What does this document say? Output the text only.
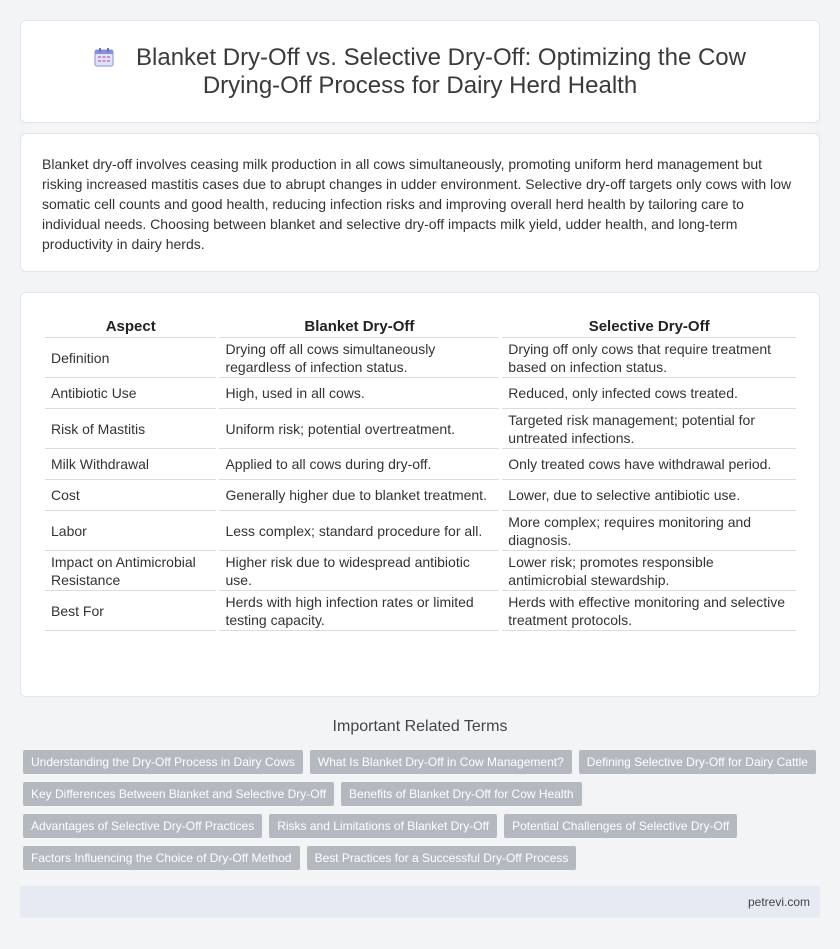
Blanket Dry-Off vs. Selective Dry-Off: Optimizing the Cow Drying-Off Process for Dairy Herd Health

Blanket dry-off involves ceasing milk production in all cows simultaneously, promoting uniform herd management but risking increased mastitis cases due to abrupt changes in udder environment. Selective dry-off targets only cows with low somatic cell counts and good health, reducing infection risks and improving overall herd health by tailoring care to individual needs. Choosing between blanket and selective dry-off impacts milk yield, udder health, and long-term productivity in dairy herds.

Aspect	Blanket Dry-Off	Selective Dry-Off
Definition	Drying off all cows simultaneously regardless of infection status.	Drying off only cows that require treatment based on infection status.
Antibiotic Use	High, used in all cows.	Reduced, only infected cows treated.
Risk of Mastitis	Uniform risk; potential overtreatment.	Targeted risk management; potential for untreated infections.
Milk Withdrawal	Applied to all cows during dry-off.	Only treated cows have withdrawal period.
Cost	Generally higher due to blanket treatment.	Lower, due to selective antibiotic use.
Labor	Less complex; standard procedure for all.	More complex; requires monitoring and diagnosis.
Impact on Antimicrobial Resistance	Higher risk due to widespread antibiotic use.	Lower risk; promotes responsible antimicrobial stewardship.
Best For	Herds with high infection rates or limited testing capacity.	Herds with effective monitoring and selective treatment protocols.
Important Related Terms
Understanding the Dry-Off Process in Dairy Cows	What Is Blanket Dry-Off in Cow Management?	Defining Selective Dry-Off for Dairy Cattle
Key Differences Between Blanket and Selective Dry-Off	Benefits of Blanket Dry-Off for Cow Health
Advantages of Selective Dry-Off Practices	Risks and Limitations of Blanket Dry-Off	Potential Challenges of Selective Dry-Off
Factors Influencing the Choice of Dry-Off Method	Best Practices for a Successful Dry-Off Process
petrevi.com
